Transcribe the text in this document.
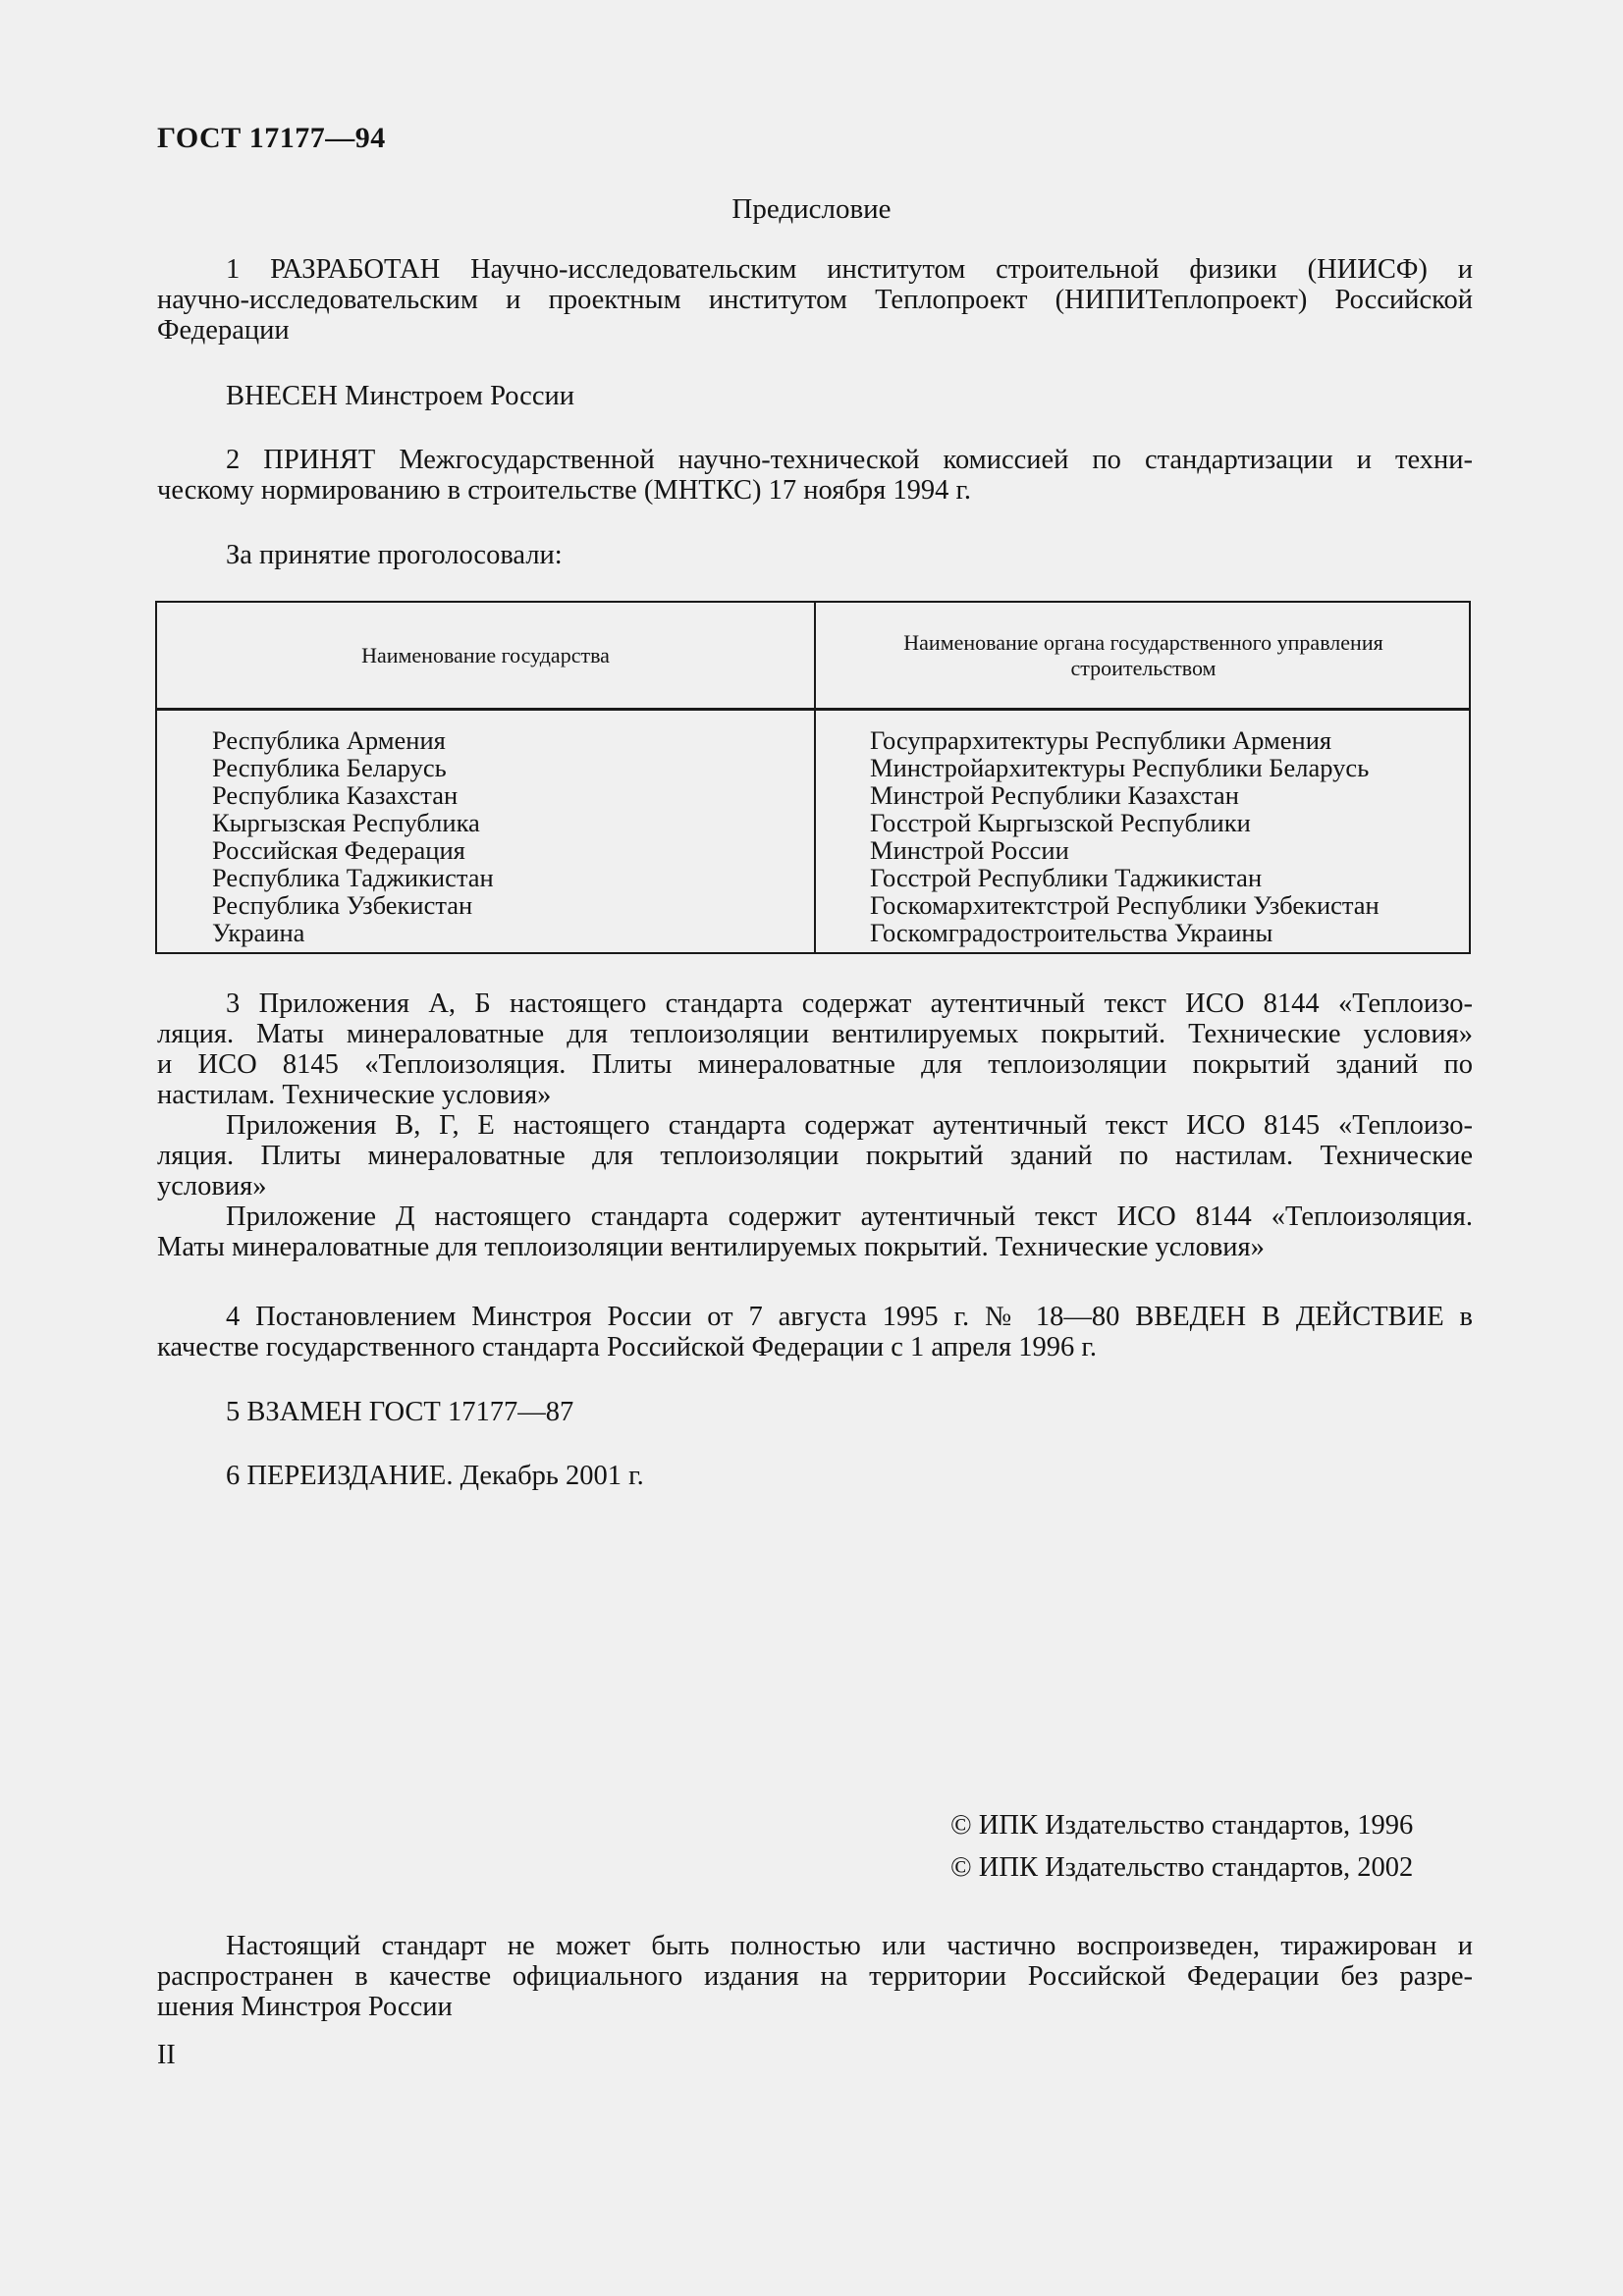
ГОСТ 17177—94
Предисловие
1 РАЗРАБОТАН Научно-исследовательским институтом строительной физики (НИИСФ) и
научно-исследовательским и проектным институтом Теплопроект (НИПИТеплопроект) Российской
Федерации
ВНЕСЕН Минстроем России
2 ПРИНЯТ Межгосударственной научно-технической комиссией по стандартизации и техни-
ческому нормированию в строительстве (МНТКС) 17 ноября 1994 г.
За принятие проголосовали:
Наименование государства
Наименование органа государственного управления
строительством
Республика Армения
Республика Беларусь
Республика Казахстан
Кыргызская Республика
Российская Федерация
Республика Таджикистан
Республика Узбекистан
Украина
Госупрархитектуры Республики Армения
Минстройархитектуры Республики Беларусь
Минстрой Республики Казахстан
Госстрой Кыргызской Республики
Минстрой России
Госстрой Республики Таджикистан
Госкомархитектстрой Республики Узбекистан
Госкомградостроительства Украины
3 Приложения А, Б настоящего стандарта содержат аутентичный текст ИСО 8144 «Теплоизо-
ляция. Маты минераловатные для теплоизоляции вентилируемых покрытий. Технические условия»
и ИСО 8145 «Теплоизоляция. Плиты минераловатные для теплоизоляции покрытий зданий по
настилам. Технические условия»
Приложения В, Г, Е настоящего стандарта содержат аутентичный текст ИСО 8145 «Теплоизо-
ляция. Плиты минераловатные для теплоизоляции покрытий зданий по настилам. Технические
условия»
Приложение Д настоящего стандарта содержит аутентичный текст ИСО 8144 «Теплоизоляция.
Маты минераловатные для теплоизоляции вентилируемых покрытий. Технические условия»
4 Постановлением Минстроя России от 7 августа 1995 г. № 18—80 ВВЕДЕН В ДЕЙСТВИЕ в
качестве государственного стандарта Российской Федерации с 1 апреля 1996 г.
5 ВЗАМЕН ГОСТ 17177—87
6 ПЕРЕИЗДАНИЕ. Декабрь 2001 г.
© ИПК Издательство стандартов, 1996
© ИПК Издательство стандартов, 2002
Настоящий стандарт не может быть полностью или частично воспроизведен, тиражирован и
распространен в качестве официального издания на территории Российской Федерации без разре-
шения Минстроя России
II
